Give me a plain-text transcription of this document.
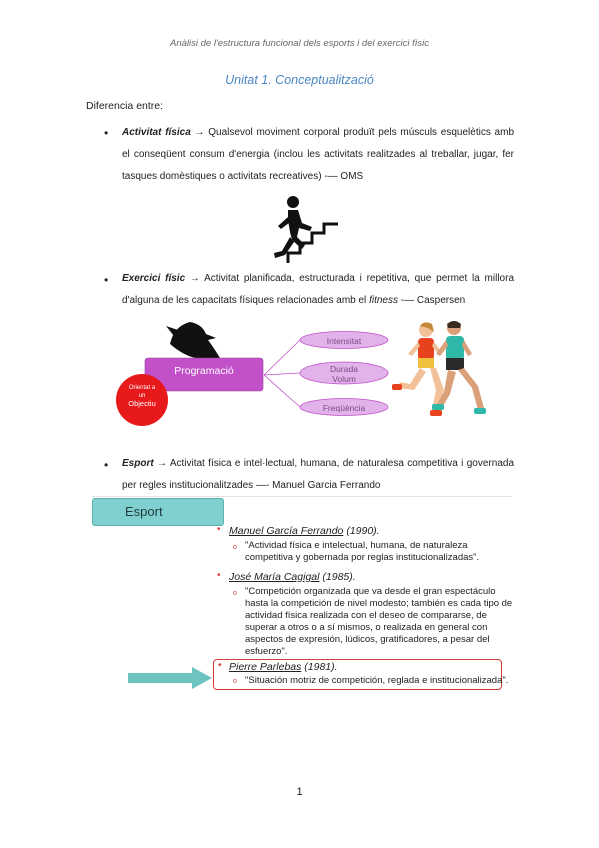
Anàlisi de l'estructura funcional dels esports i del exercici físic
Unitat 1. Conceptualització
Diferencia entre:
• Activitat física → Qualsevol moviment corporal produït pels músculs esquelètics amb
el conseqüent consum d'energia (inclou les activitats realitzades al treballar, jugar, fer
tasques domèstiques o activitats recreatives) -— OMS
• Exercici físic → Activitat planificada, estructurada i repetitiva, que permet la millora
d'alguna de les capacitats físiques relacionades amb el fitness -— Caspersen
Programació
Intensitat
Durada
Volum
Freqüència
Orientat a
un
Objectiu
• Esport → Activitat física e intel·lectual, humana, de naturalesa competitiva i governada
per regles institucionalitzades —- Manuel Garcia Ferrando
Esport
• Manuel García Ferrando (1990).
o "Actividad física e intelectual, humana, de naturaleza
competitiva y gobernada por reglas institucionalizadas".
• José María Cagigal (1985).
o "Competición organizada que va desde el gran espectáculo
hasta la competición de nivel modesto; también es cada tipo de
actividad física realizada con el deseo de compararse, de
superar a otros o a sí mismos, o realizada en general con
aspectos de expresión, lúdicos, gratificadores, a pesar del
esfuerzo".
• Pierre Parlebas (1981).
o "Situación motriz de competición, reglada e institucionalizada".
1
